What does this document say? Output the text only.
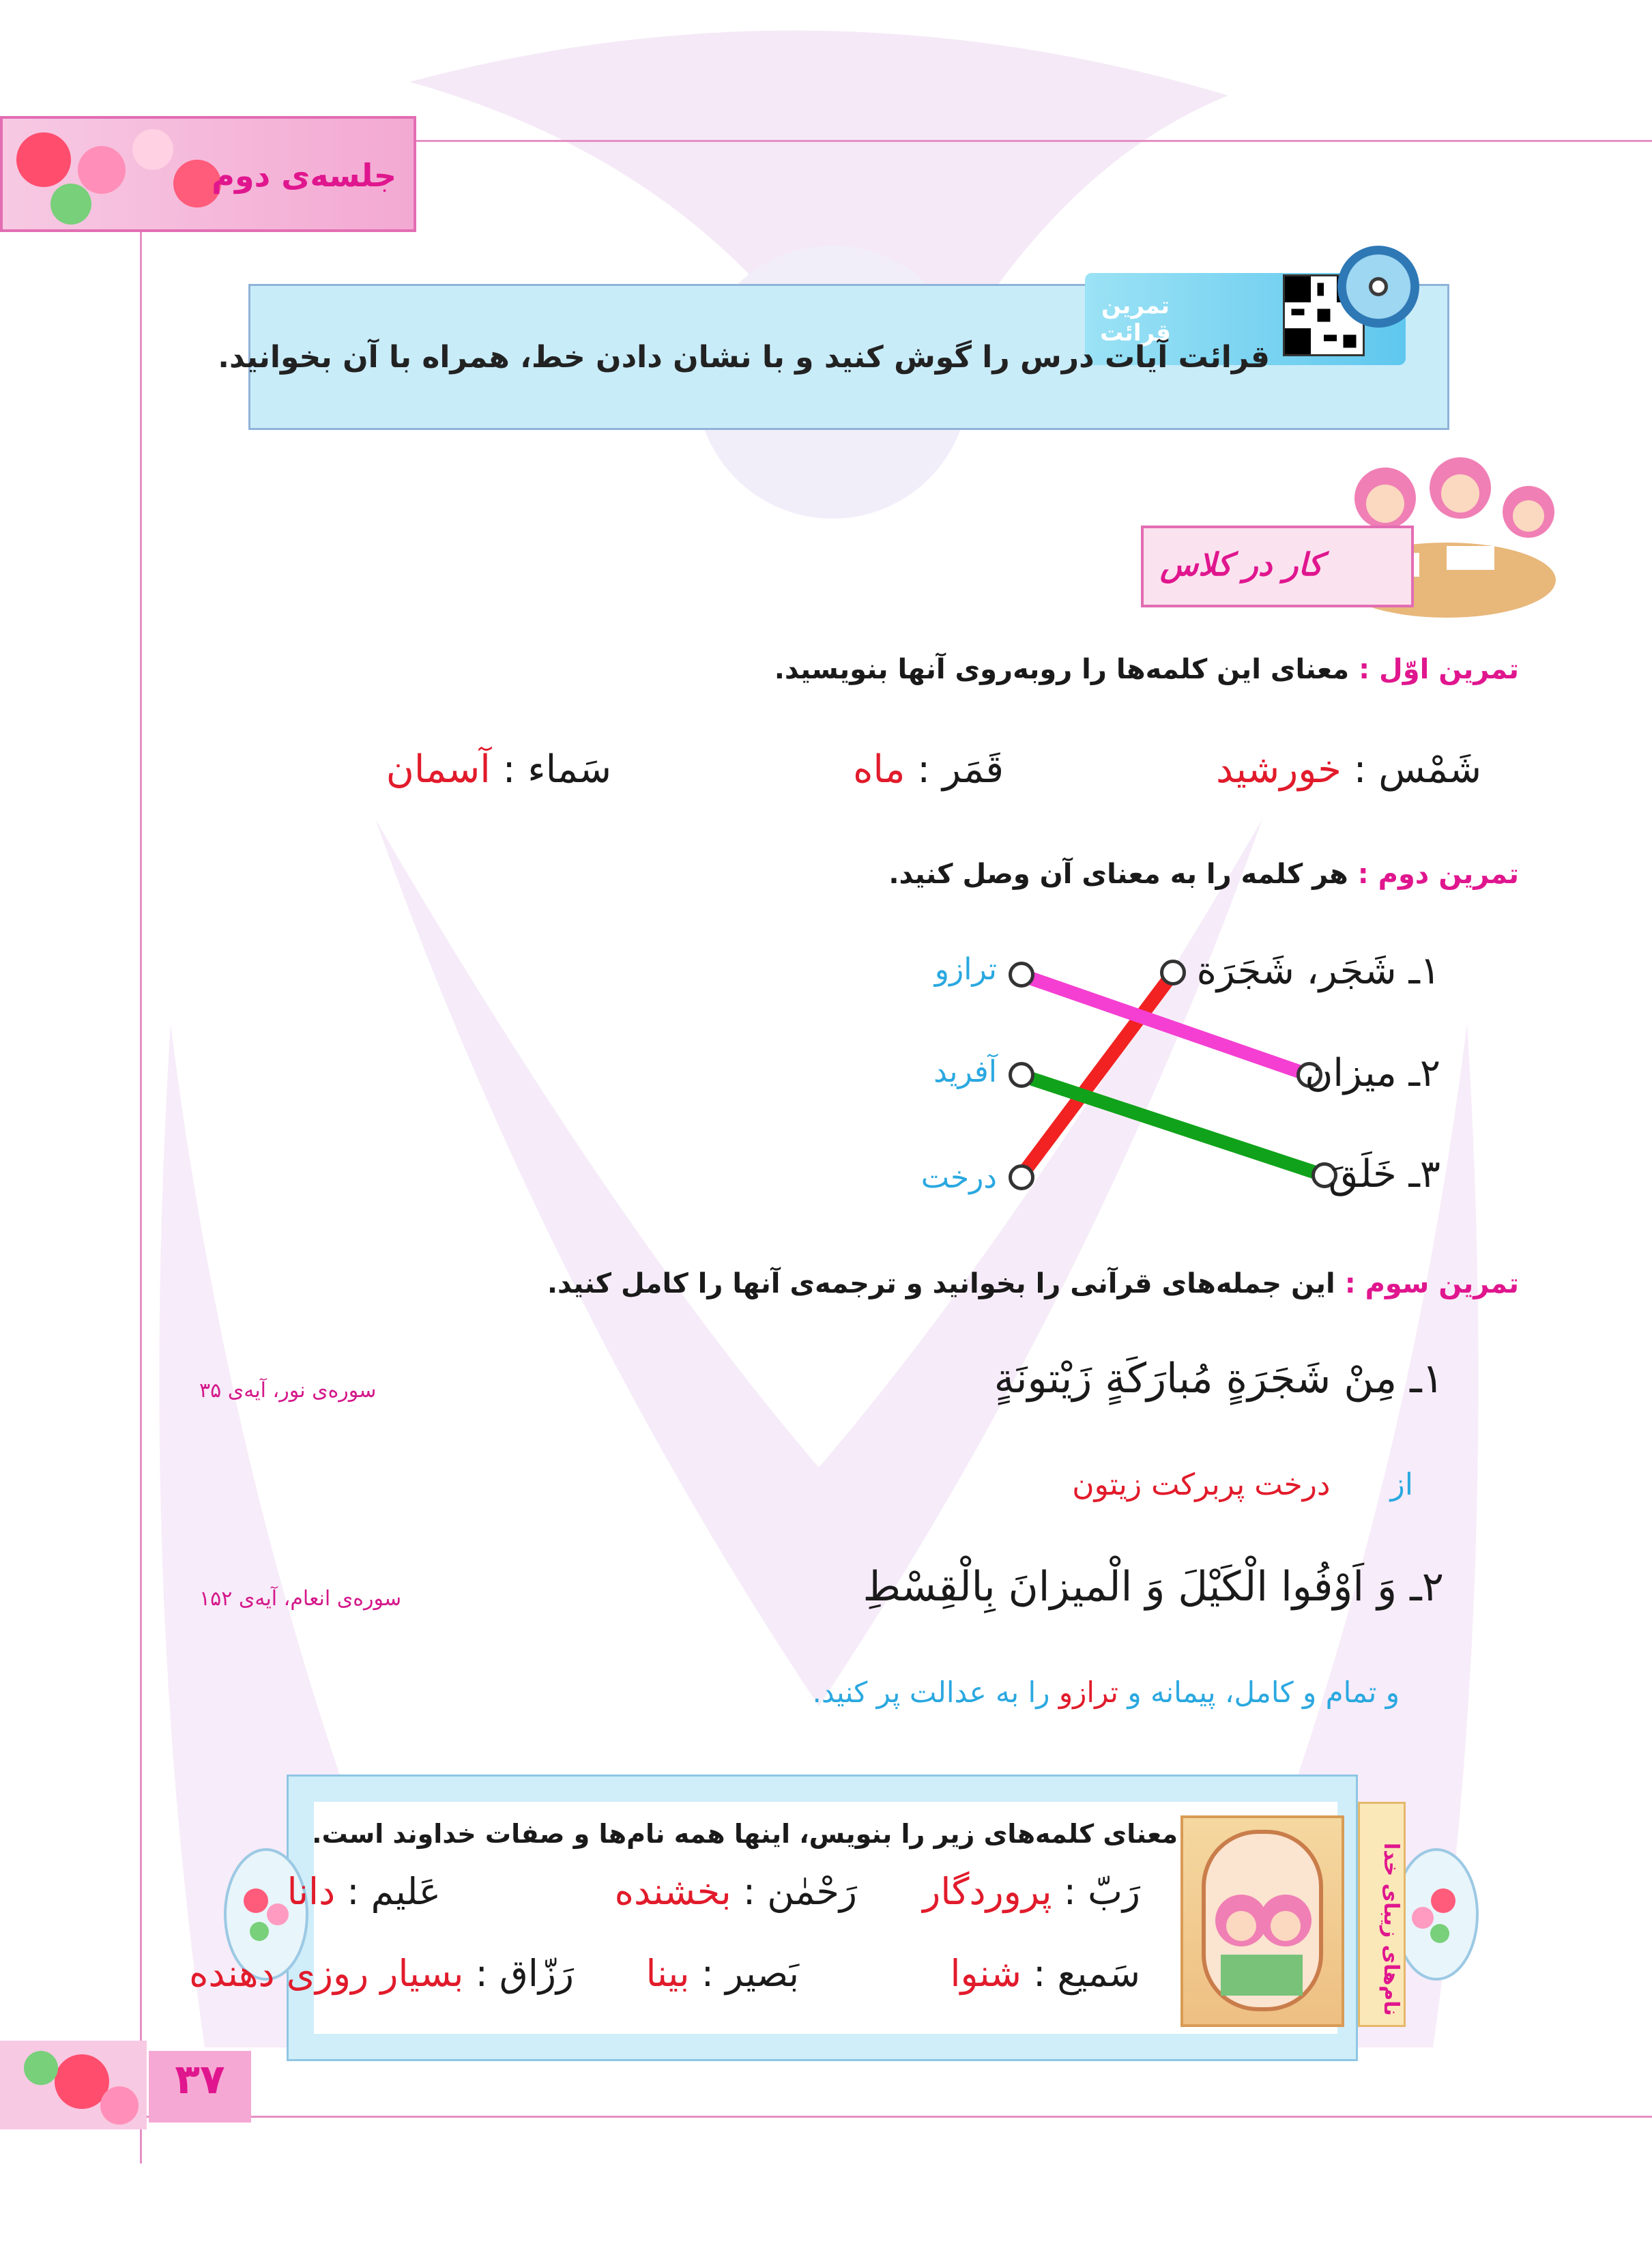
جلسه‌ی دوم
تمرین قرائت
قرائت آیات درس را گوش کنید و با نشان دادن خط، همراه با آن بخوانید.
کار در کلاس
تمرین اوّل : معنای این کلمه‌ها را روبه‌روی آنها بنویسید.
شَمْس : خورشید
قَمَر : ماه
سَماء : آسمان
تمرین دوم : هر کلمه را به معنای آن وصل کنید.
۱ـ شَجَر، شَجَرَة
۲ـ میزان
۳ـ خَلَقَ
ترازو
آفرید
درخت
تمرین سوم : این جمله‌های قرآنی را بخوانید و ترجمه‌ی آنها را کامل کنید.
۱ـ مِنْ شَجَرَةٍ مُبارَکَةٍ زَیْتونَةٍ
سوره‌ی نور، آیه‌ی ۳۵
از  درخت پربرکت زیتون
۲ـ وَ اَوْفُوا الْکَیْلَ وَ الْمیزانَ بِالْقِسْطِ
سوره‌ی انعام، آیه‌ی ۱۵۲
و تمام و کامل، پیمانه و ترازو را به عدالت پر کنید.
نام‌های زیبای خدا
معنای کلمه‌های زیر را بنویس، اینها همه نام‌ها و صفات خداوند است.
رَبّ : پروردگار
رَحْمٰن : بخشنده
عَلیم : دانا
سَمیع : شنوا
بَصیر : بینا
رَزّاق : بسیار روزی دهنده
۳۷
